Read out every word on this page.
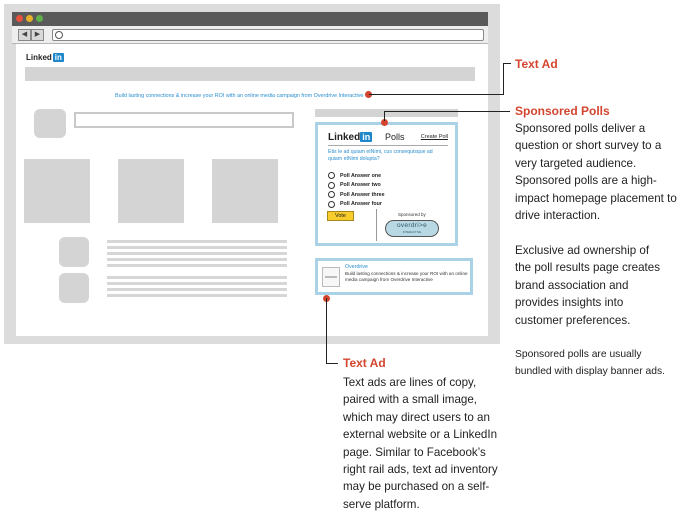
◀	▶
Linked in
Build lasting connections & increase your ROI with an online media campaign from Overdrive Interactive
Linked in Polls	Create Poll
Etis le ad quiam etNimi, cus consequisque ad quiam etNimi dolupta?
Poll Answer one
Poll Answer two
Poll Answer three
Poll Answer four
Vote	Sponsored by
overdri>e
INTERACTIVE
Overdrive
Build lasting connections & increase your ROI with an online media campaign from Overdrive Interactive
Text Ad
Sponsored Polls
Sponsored polls deliver a question or short survey to a very targeted audience. Sponsored polls are a high-impact homepage placement to drive interaction.
Exclusive ad ownership of the poll results page creates brand association and provides insights into customer preferences.
Sponsored polls are usually bundled with display banner ads.
Text Ad
Text ads are lines of copy, paired with a small image, which may direct users to an external website or a LinkedIn page. Similar to Facebook’s right rail ads, text ad inventory may be purchased on a self-serve platform.
